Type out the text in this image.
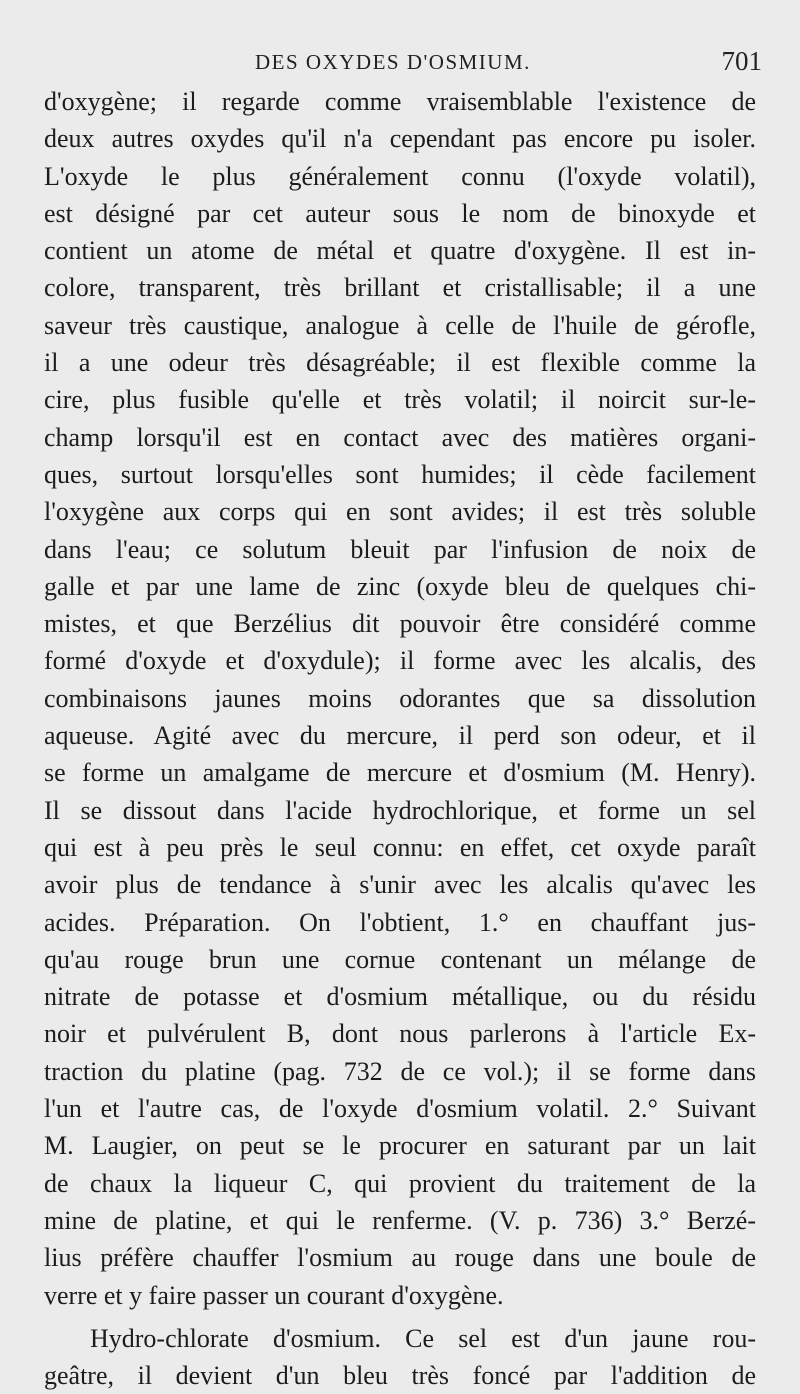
DES OXYDES D'OSMIUM.	701
d'oxygène; il regarde comme vraisemblable l'existence de
deux autres oxydes qu'il n'a cependant pas encore pu isoler.
L'oxyde le plus généralement connu (l'oxyde volatil),
est désigné par cet auteur sous le nom de binoxyde et
contient un atome de métal et quatre d'oxygène. Il est in-
colore, transparent, très brillant et cristallisable; il a une
saveur très caustique, analogue à celle de l'huile de gérofle,
il a une odeur très désagréable; il est flexible comme la
cire, plus fusible qu'elle et très volatil; il noircit sur-le-
champ lorsqu'il est en contact avec des matières organi-
ques, surtout lorsqu'elles sont humides; il cède facilement
l'oxygène aux corps qui en sont avides; il est très soluble
dans l'eau; ce solutum bleuit par l'infusion de noix de
galle et par une lame de zinc (oxyde bleu de quelques chi-
mistes, et que Berzélius dit pouvoir être considéré comme
formé d'oxyde et d'oxydule); il forme avec les alcalis, des
combinaisons jaunes moins odorantes que sa dissolution
aqueuse. Agité avec du mercure, il perd son odeur, et il
se forme un amalgame de mercure et d'osmium (M. Henry).
Il se dissout dans l'acide hydrochlorique, et forme un sel
qui est à peu près le seul connu: en effet, cet oxyde paraît
avoir plus de tendance à s'unir avec les alcalis qu'avec les
acides. Préparation. On l'obtient, 1.° en chauffant jus-
qu'au rouge brun une cornue contenant un mélange de
nitrate de potasse et d'osmium métallique, ou du résidu
noir et pulvérulent B, dont nous parlerons à l'article Ex-
traction du platine (pag. 732 de ce vol.); il se forme dans
l'un et l'autre cas, de l'oxyde d'osmium volatil. 2.° Suivant
M. Laugier, on peut se le procurer en saturant par un lait
de chaux la liqueur C, qui provient du traitement de la
mine de platine, et qui le renferme. (V. p. 736) 3.° Berzé-
lius préfère chauffer l'osmium au rouge dans une boule de
verre et y faire passer un courant d'oxygène.
Hydro-chlorate d'osmium. Ce sel est d'un jaune rou-
geâtre, il devient d'un bleu très foncé par l'addition de
